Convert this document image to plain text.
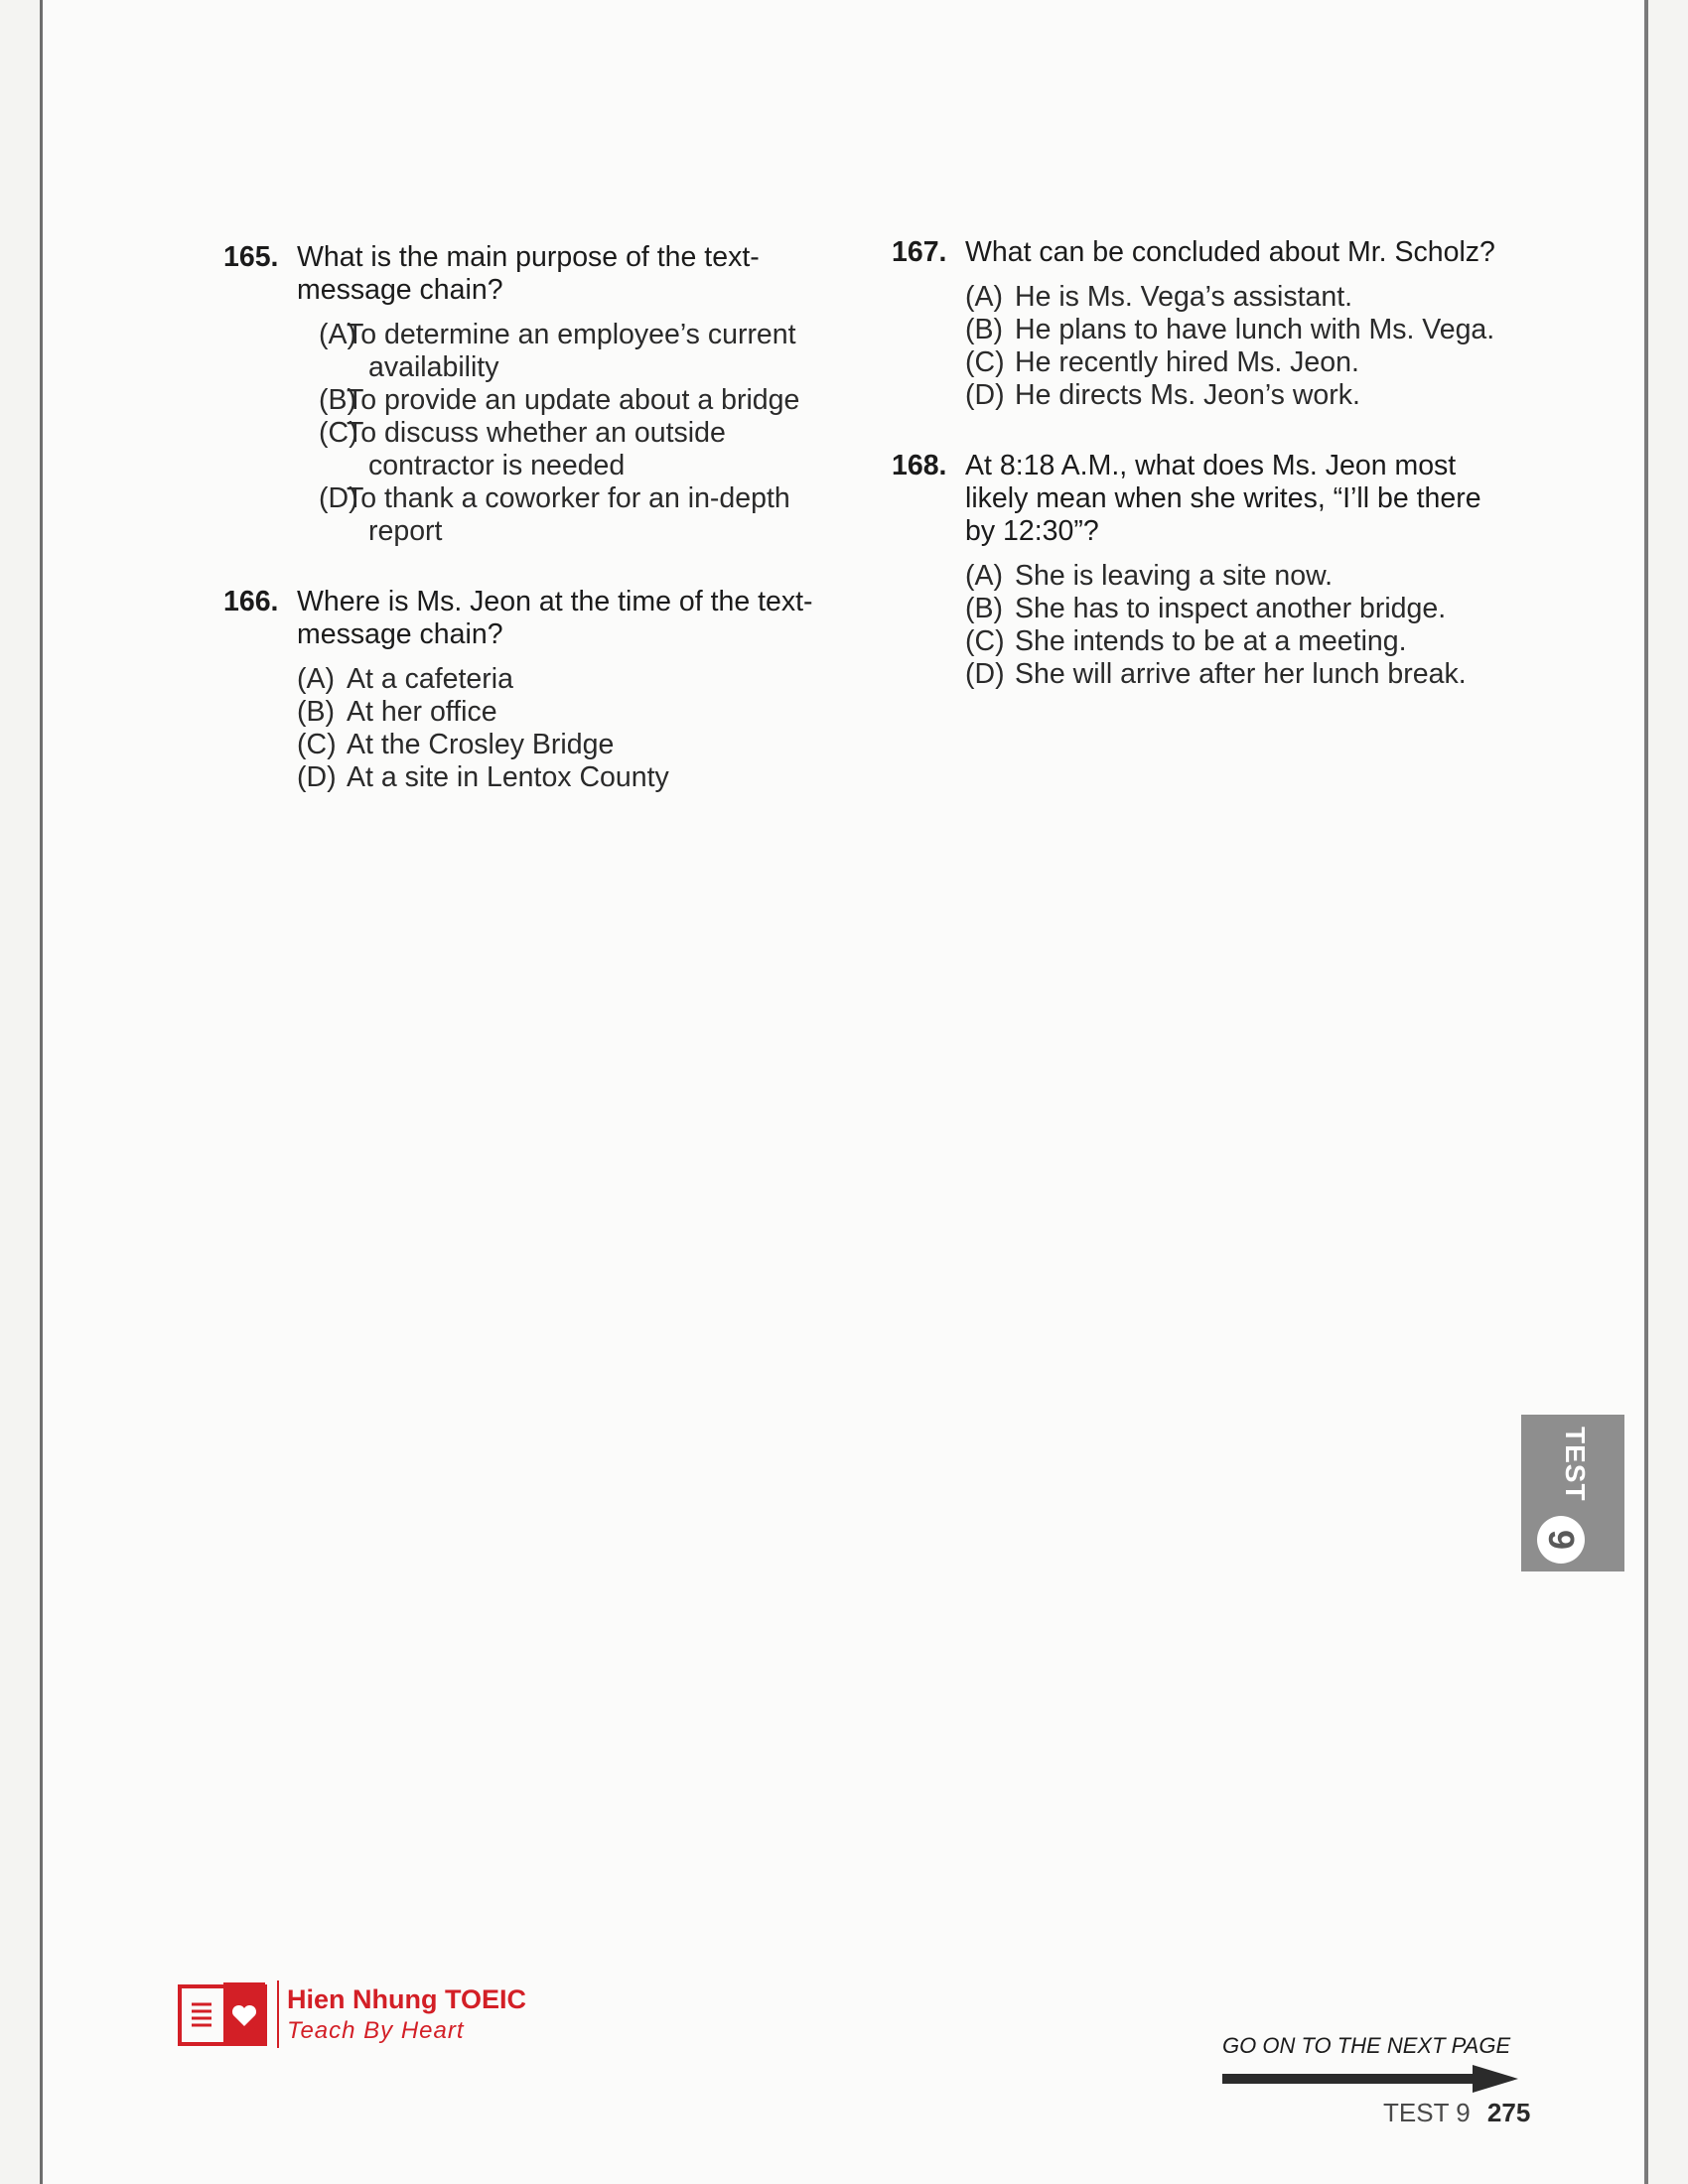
165. What is the main purpose of the text-message chain?
(A)
To determine an employee’s current availability
(B)
To provide an update about a bridge
(C)
To discuss whether an outside contractor is needed
(D)
To thank a coworker for an in-depth report
166. Where is Ms. Jeon at the time of the text-message chain?
(A) At a cafeteria
(B) At her office
(C) At the Crosley Bridge
(D) At a site in Lentox County
167. What can be concluded about Mr. Scholz?
(A) He is Ms. Vega’s assistant.
(B) He plans to have lunch with Ms. Vega.
(C) He recently hired Ms. Jeon.
(D) He directs Ms. Jeon’s work.
168. At 8:18 A.M., what does Ms. Jeon most likely mean when she writes, “I’ll be there by 12:30”?
(A) She is leaving a site now.
(B) She has to inspect another bridge.
(C) She intends to be at a meeting.
(D) She will arrive after her lunch break.
TEST
9
Hien Nhung TOEIC
Teach By Heart
GO ON TO THE NEXT PAGE
TEST 9 275
